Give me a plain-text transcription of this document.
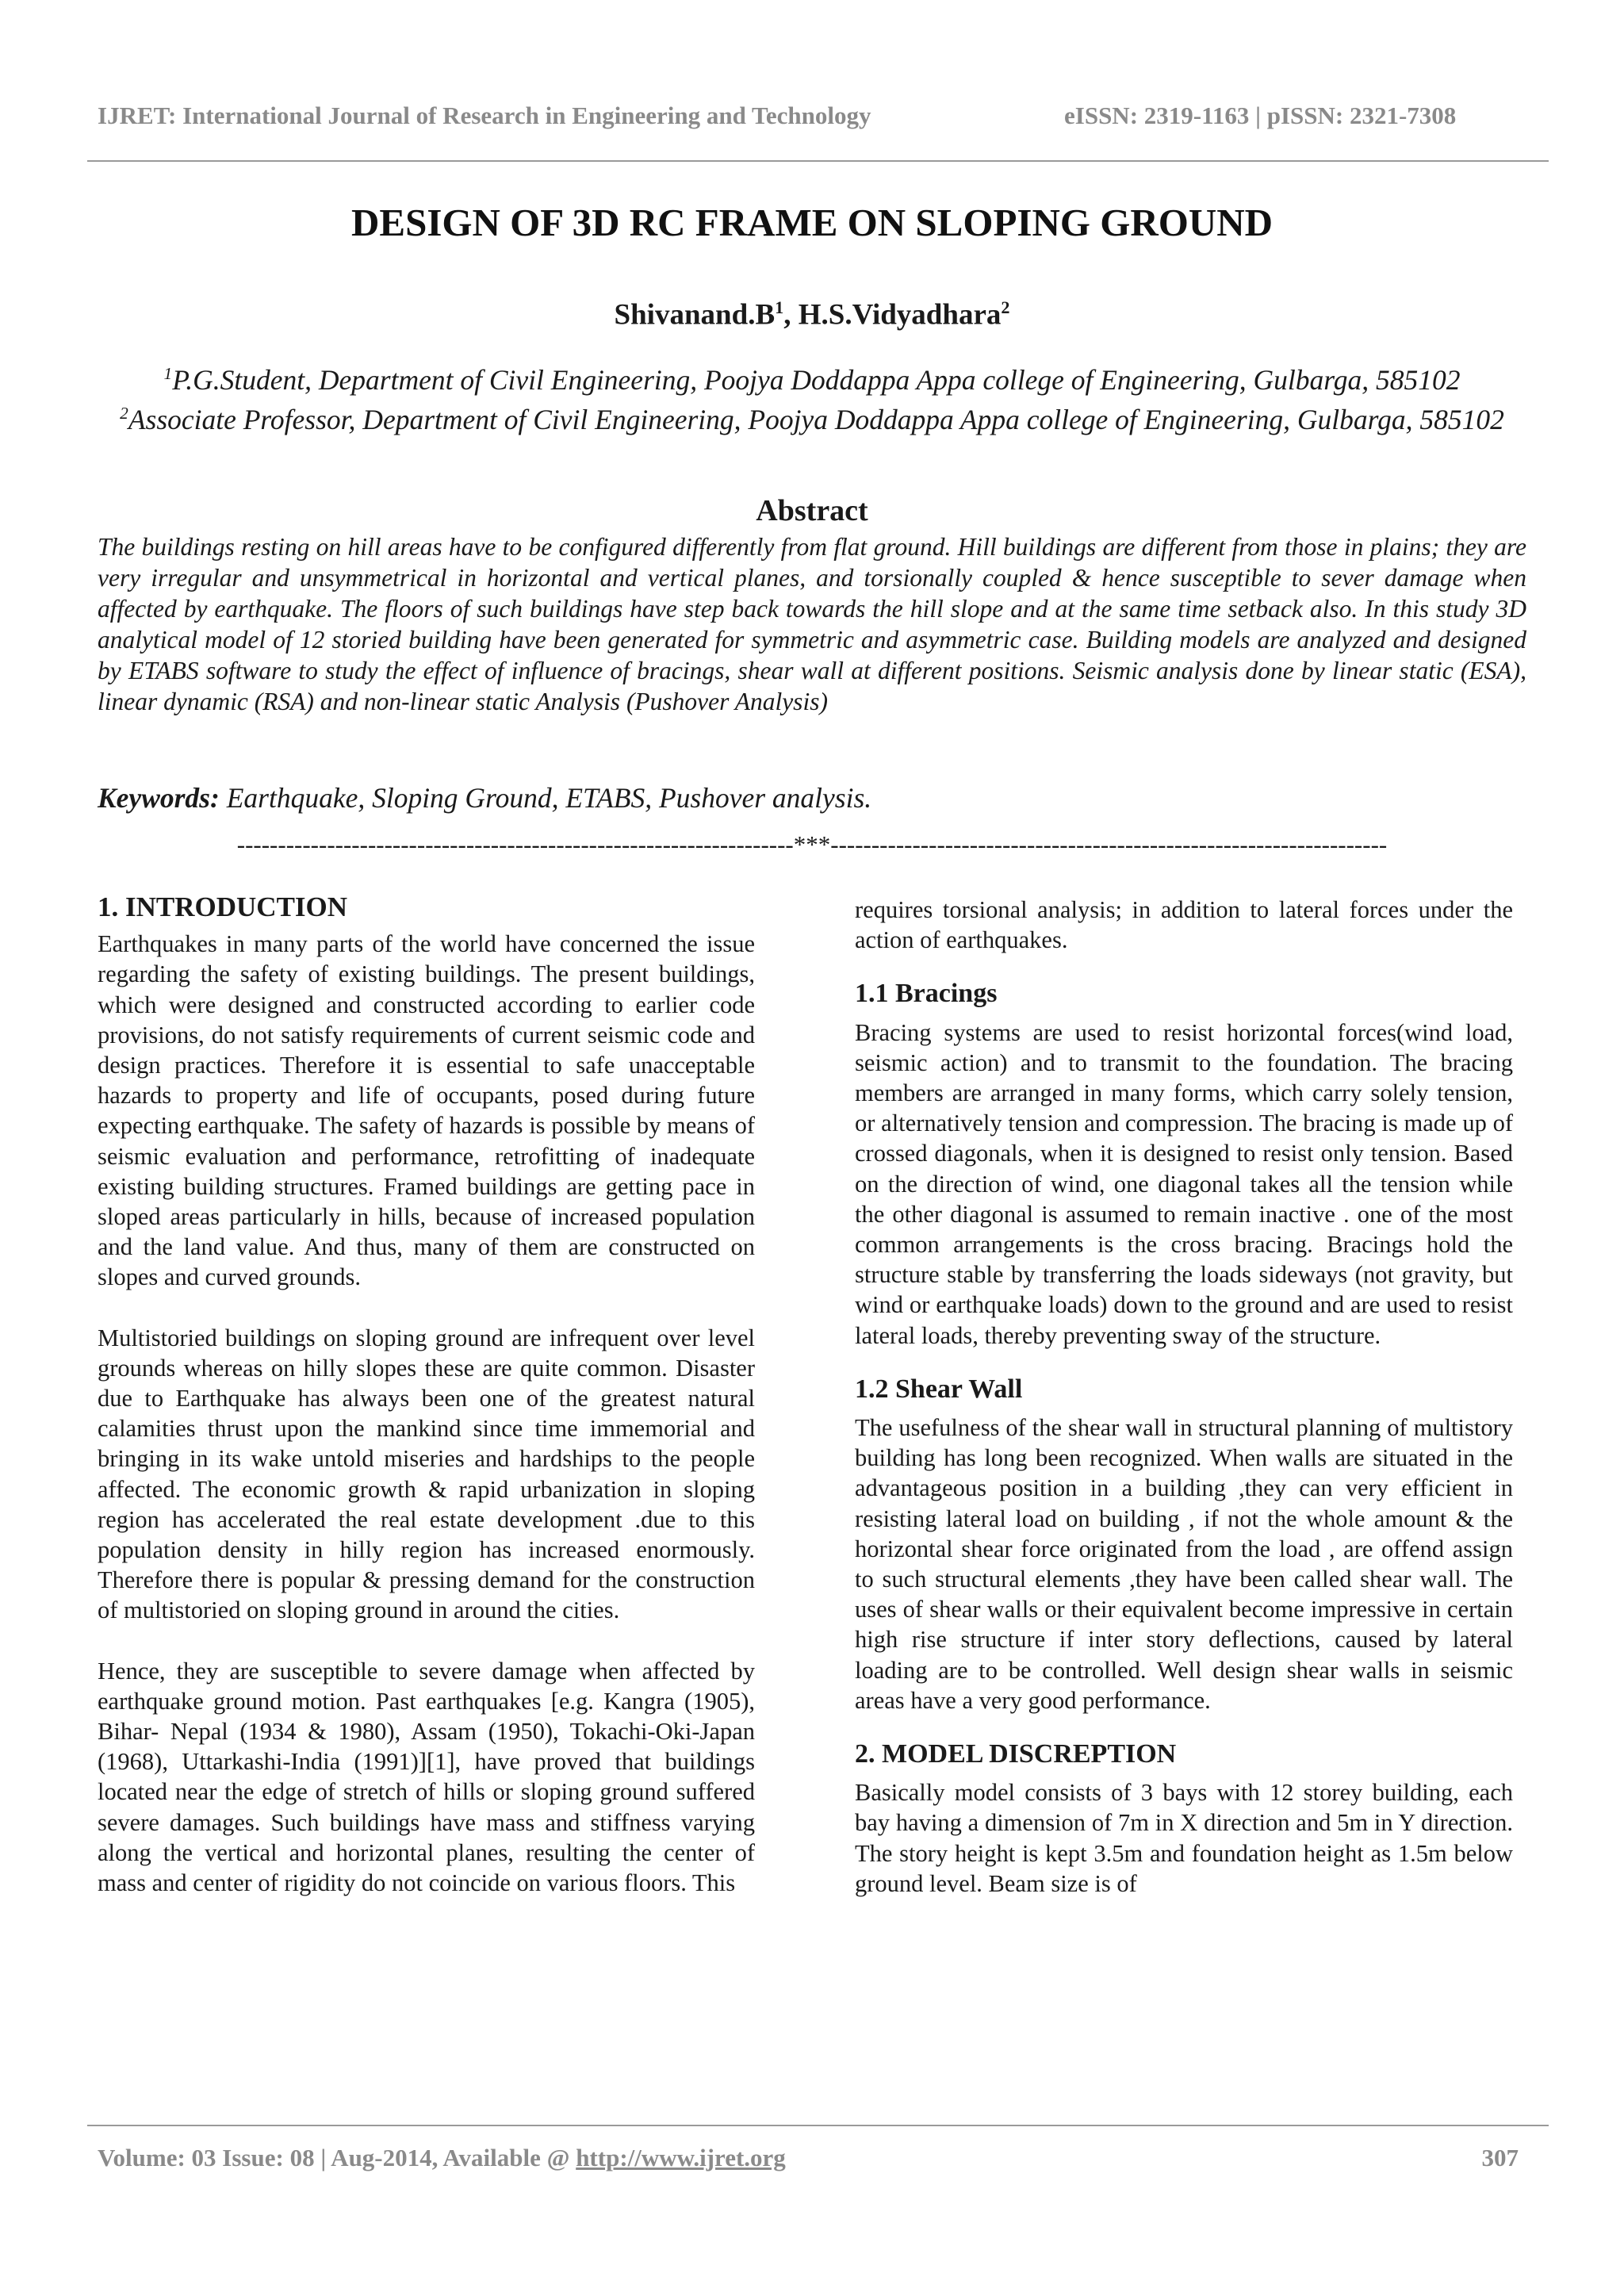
IJRET: International Journal of Research in Engineering and Technology	eISSN: 2319-1163 | pISSN: 2321-7308
DESIGN OF 3D RC FRAME ON SLOPING GROUND
$Shivanand.B^1$, H.S.Vidyadhara$^2$
$^1$P.G.Student, Department of Civil Engineering, Poojya Doddappa Appa college of Engineering, Gulbarga, 585102
$^2$Associate Professor, Department of Civil Engineering, Poojya Doddappa Appa college of Engineering, Gulbarga, 585102
Abstract
The buildings resting on hill areas have to be configured differently from flat ground. Hill buildings are different from those in plains; they are very irregular and unsymmetrical in horizontal and vertical planes, and torsionally coupled & hence susceptible to sever damage when affected by earthquake. The floors of such buildings have step back towards the hill slope and at the same time setback also. In this study 3D analytical model of 12 storied building have been generated for symmetric and asymmetric case. Building models are analyzed and designed by ETABS software to study the effect of influence of bracings, shear wall at different positions. Seismic analysis done by linear static (ESA), linear dynamic (RSA) and non-linear static Analysis (Pushover Analysis)
Keywords: Earthquake, Sloping Ground, ETABS, Pushover analysis.
--------------------------------------------------------------------***--------------------------------------------------------------------
1. INTRODUCTION

Earthquakes in many parts of the world have concerned the issue regarding the safety of existing buildings. The present buildings, which were designed and constructed according to earlier code provisions, do not satisfy requirements of current seismic code and design practices. Therefore it is essential to safe unacceptable hazards to property and life of occupants, posed during future expecting earthquake. The safety of hazards is possible by means of seismic evaluation and performance, retrofitting of inadequate existing building structures. Framed buildings are getting pace in sloped areas particularly in hills, because of increased population and the land value. And thus, many of them are constructed on slopes and curved grounds.

Multistoried buildings on sloping ground are infrequent over level grounds whereas on hilly slopes these are quite common. Disaster due to Earthquake has always been one of the greatest natural calamities thrust upon the mankind since time immemorial and bringing in its wake untold miseries and hardships to the people affected. The economic growth & rapid urbanization in sloping region has accelerated the real estate development .due to this population density in hilly region has increased enormously. Therefore there is popular & pressing demand for the construction of multistoried on sloping ground in around the cities.

Hence, they are susceptible to severe damage when affected by earthquake ground motion. Past earthquakes [e.g. Kangra (1905), Bihar- Nepal (1934 & 1980), Assam (1950), Tokachi-Oki-Japan (1968), Uttarkashi-India (1991)][1], have proved that buildings located near the edge of stretch of hills or sloping ground suffered severe damages. Such buildings have mass and stiffness varying along the vertical and horizontal planes, resulting the center of mass and center of rigidity do not coincide on various floors. This

requires torsional analysis; in addition to lateral forces under the action of earthquakes.

1.1 Bracings

Bracing systems are used to resist horizontal forces(wind load, seismic action) and to transmit to the foundation. The bracing members are arranged in many forms, which carry solely tension, or alternatively tension and compression. The bracing is made up of crossed diagonals, when it is designed to resist only tension. Based on the direction of wind, one diagonal takes all the tension while the other diagonal is assumed to remain inactive . one of the most common arrangements is the cross bracing. Bracings hold the structure stable by transferring the loads sideways (not gravity, but wind or earthquake loads) down to the ground and are used to resist lateral loads, thereby preventing sway of the structure.

1.2 Shear Wall

The usefulness of the shear wall in structural planning of multistory building has long been recognized. When walls are situated in the advantageous position in a building ,they can very efficient in resisting lateral load on building , if not the whole amount & the horizontal shear force originated from the load , are offend assign to such structural elements ,they have been called shear wall. The uses of shear walls or their equivalent become impressive in certain high rise structure if inter story deflections, caused by lateral loading are to be controlled. Well design shear walls in seismic areas have a very good performance.

2. MODEL DISCREPTION

Basically model consists of 3 bays with 12 storey building, each bay having a dimension of 7m in X direction and 5m in Y direction. The story height is kept 3.5m and foundation height as 1.5m below ground level. Beam size is of

Volume: 03 Issue: 08 | Aug-2014, Available @ http://www.ijret.org	307
